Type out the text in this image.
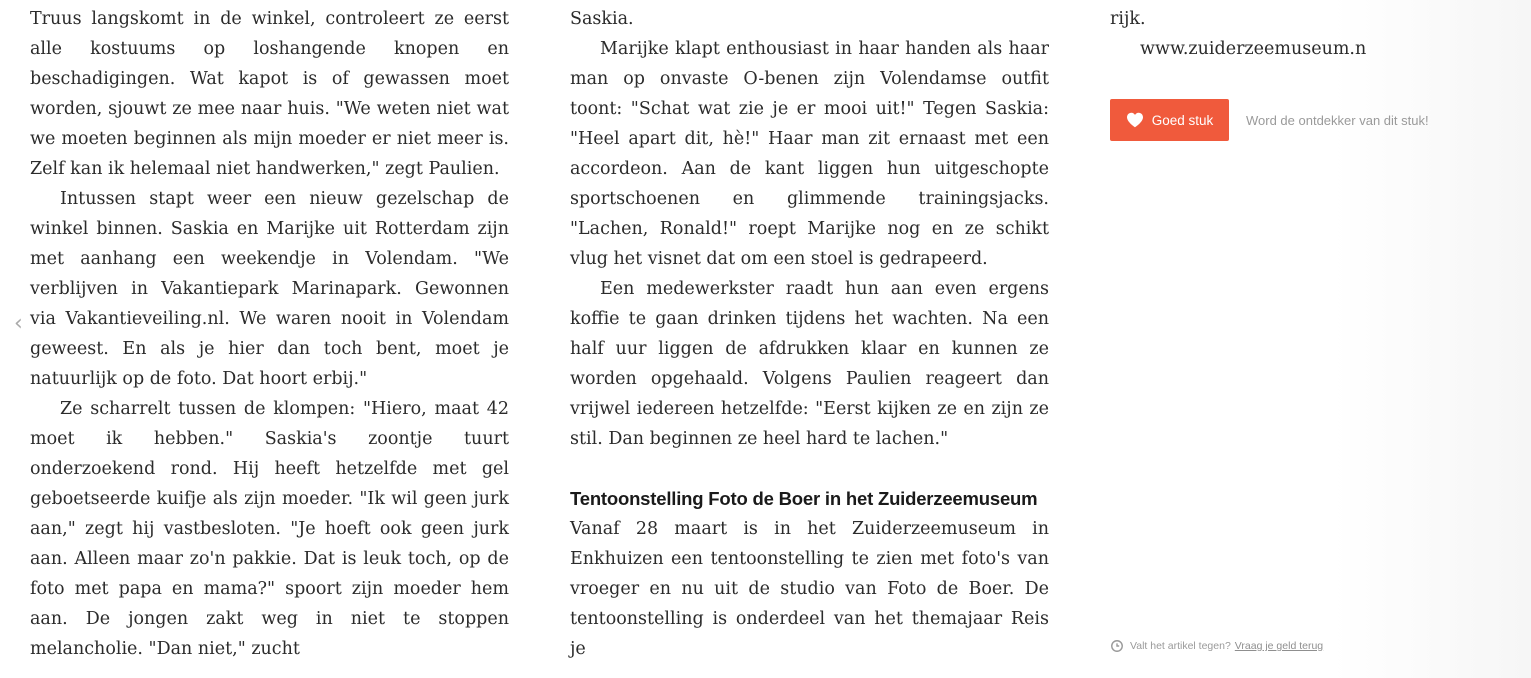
‹

Truus langskomt in de winkel, controleert ze eerst alle kostuums op loshangende knopen en beschadigingen. Wat kapot is of gewassen moet worden, sjouwt ze mee naar huis. "We weten niet wat we moeten beginnen als mijn moeder er niet meer is. Zelf kan ik helemaal niet handwerken," zegt Paulien.

Intussen stapt weer een nieuw gezelschap de winkel binnen. Saskia en Marijke uit Rotterdam zijn met aanhang een weekendje in Volendam. "We verblijven in Vakantiepark Marinapark. Gewonnen via Vakantieveiling.nl. We waren nooit in Volendam geweest. En als je hier dan toch bent, moet je natuurlijk op de foto. Dat hoort erbij."

Ze scharrelt tussen de klompen: "Hiero, maat 42 moet ik hebben." Saskia's zoontje tuurt onderzoekend rond. Hij heeft hetzelfde met gel geboetseerde kuifje als zijn moeder. "Ik wil geen jurk aan," zegt hij vastbesloten. "Je hoeft ook geen jurk aan. Alleen maar zo'n pakkie. Dat is leuk toch, op de foto met papa en mama?" spoort zijn moeder hem aan. De jongen zakt weg in niet te stoppen melancholie. "Dan niet," zucht

Saskia.

Marijke klapt enthousiast in haar handen als haar man op onvaste O-benen zijn Volendamse outfit toont: "Schat wat zie je er mooi uit!" Tegen Saskia: "Heel apart dit, hè!" Haar man zit ernaast met een accordeon. Aan de kant liggen hun uitgeschopte sportschoenen en glimmende trainingsjacks. "Lachen, Ronald!" roept Marijke nog en ze schikt vlug het visnet dat om een stoel is gedrapeerd.

Een medewerkster raadt hun aan even ergens koffie te gaan drinken tijdens het wachten. Na een half uur liggen de afdrukken klaar en kunnen ze worden opgehaald. Volgens Paulien reageert dan vrijwel iedereen hetzelfde: "Eerst kijken ze en zijn ze stil. Dan beginnen ze heel hard te lachen."

Tentoonstelling Foto de Boer in het Zuiderzeemuseum

Vanaf 28 maart is in het Zuiderzeemuseum in Enkhuizen een tentoonstelling te zien met foto's van vroeger en nu uit de studio van Foto de Boer. De tentoonstelling is onderdeel van het themajaar Reis je

rijk.

www.zuiderzeemuseum.n

Goed stuk	Word de ontdekker van dit stuk!
Valt het artikel tegen? Vraag je geld terug
